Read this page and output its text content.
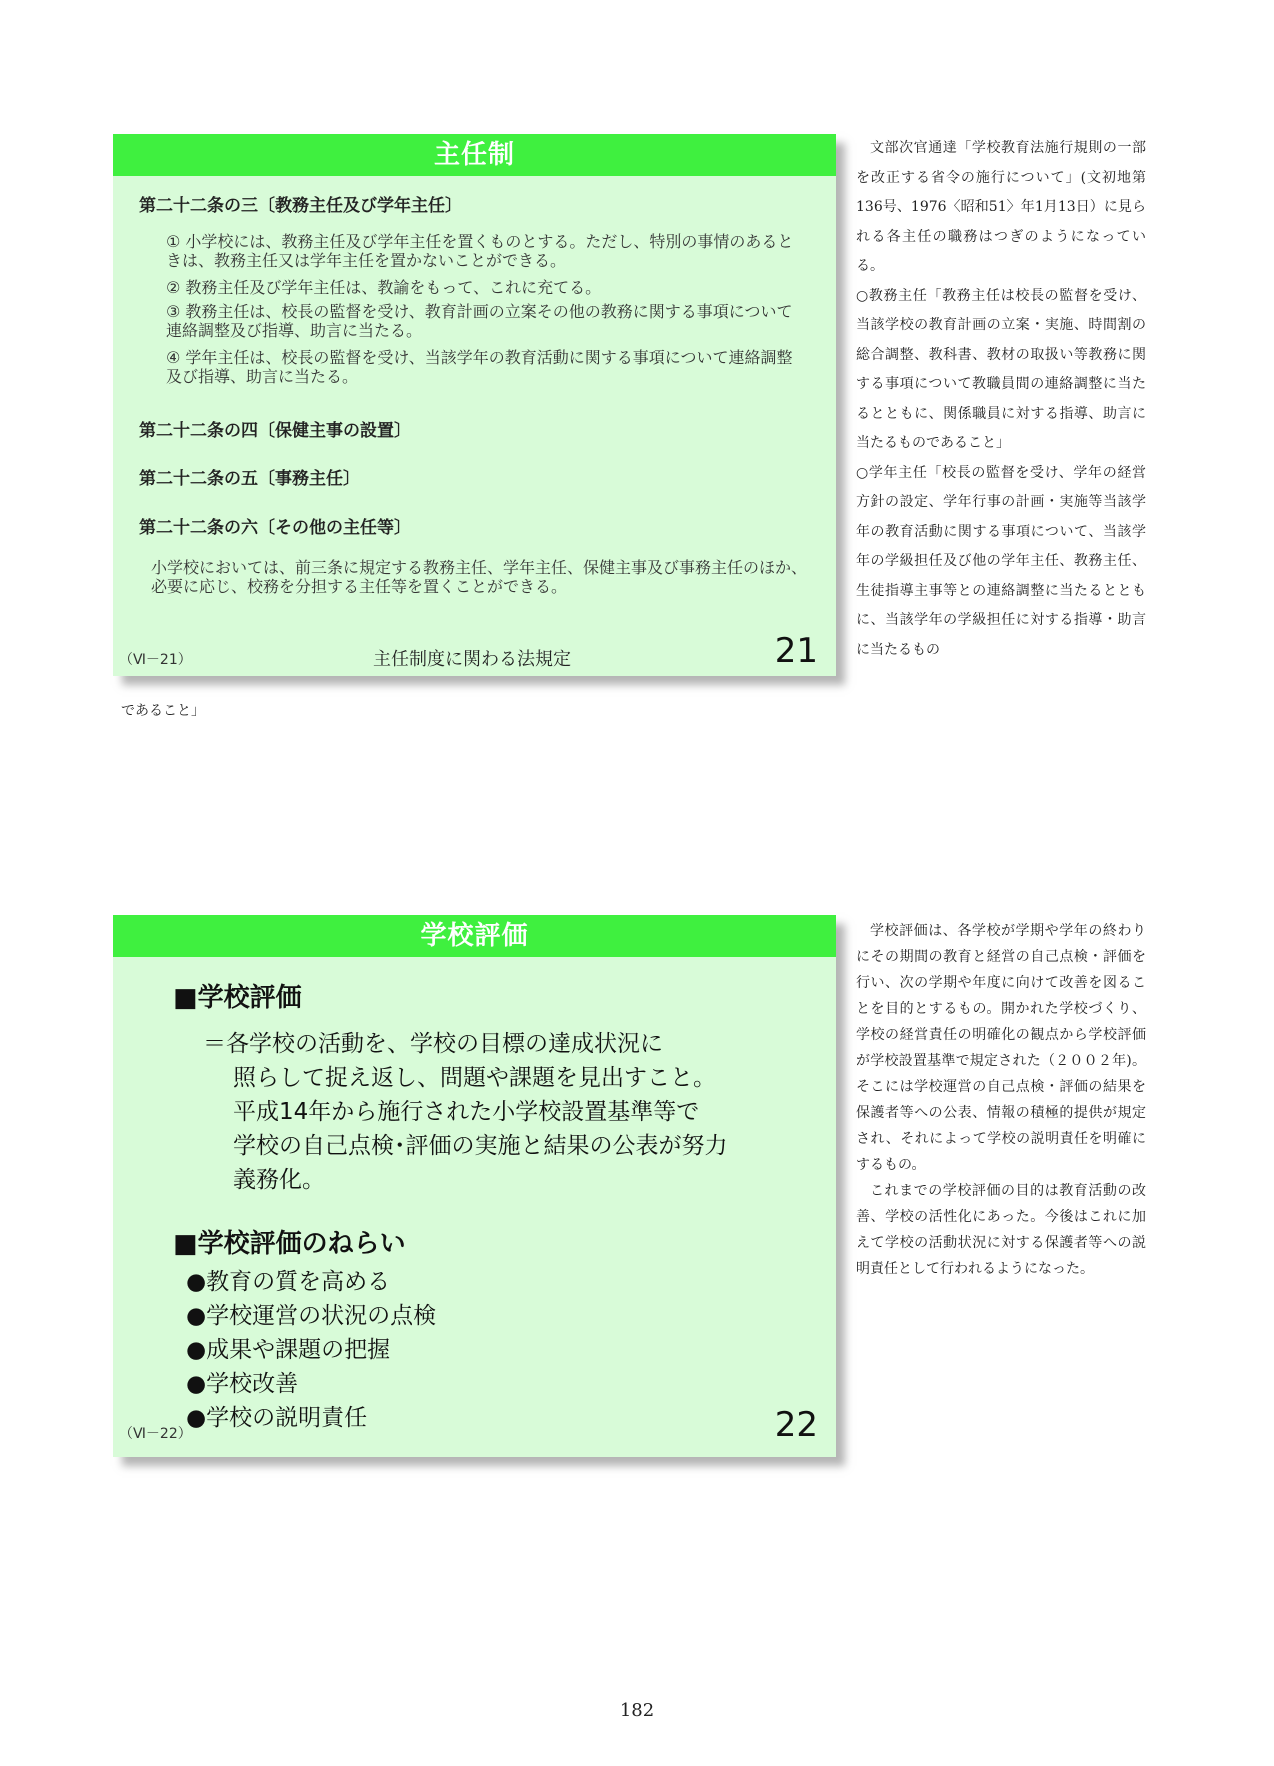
主任制
第二十二条の三〔教務主任及び学年主任〕
① 小学校には、教務主任及び学年主任を置くものとする。ただし、特別の事情のあるときは、教務主任又は学年主任を置かないことができる。
② 教務主任及び学年主任は、教諭をもって、これに充てる。
③ 教務主任は、校長の監督を受け、教育計画の立案その他の教務に関する事項について連絡調整及び指導、助言に当たる。
④ 学年主任は、校長の監督を受け、当該学年の教育活動に関する事項について連絡調整及び指導、助言に当たる。
第二十二条の四〔保健主事の設置〕
第二十二条の五〔事務主任〕
第二十二条の六〔その他の主任等〕
小学校においては、前三条に規定する教務主任、学年主任、保健主事及び事務主任のほか、必要に応じ、校務を分担する主任等を置くことができる。
（Ⅵ－21）	主任制度に関わる法規定	21

文部次官通達「学校教育法施行規則の一部を改正する省令の施行について」(文初地第136号、1976〈昭和51〉年1月13日）に見られる各主任の職務はつぎのようになっている。

○教務主任「教務主任は校長の監督を受け、当該学校の教育計画の立案・実施、時間割の総合調整、教科書、教材の取扱い等教務に関する事項について教職員間の連絡調整に当たるとともに、関係職員に対する指導、助言に当たるものであること」

○学年主任「校長の監督を受け、学年の経営方針の設定、学年行事の計画・実施等当該学年の教育活動に関する事項について、当該学年の学級担任及び他の学年主任、教務主任、生徒指導主事等との連絡調整に当たるとともに、当該学年の学級担任に対する指導・助言に当たるもの

であること」
学校評価
■学校評価
＝各学校の活動を、学校の目標の達成状況に
照らして捉え返し、問題や課題を見出すこと。
平成14年から施行された小学校設置基準等で
学校の自己点検･評価の実施と結果の公表が努力
義務化。
■学校評価のねらい
●教育の質を高める
●学校運営の状況の点検
●成果や課題の把握
●学校改善
●学校の説明責任
（Ⅵ－22）	22

学校評価は、各学校が学期や学年の終わりにその期間の教育と経営の自己点検・評価を行い、次の学期や年度に向けて改善を図ることを目的とするもの。開かれた学校づくり、学校の経営責任の明確化の観点から学校評価が学校設置基準で規定された（２００２年)。そこには学校運営の自己点検・評価の結果を保護者等への公表、情報の積極的提供が規定され、それによって学校の説明責任を明確にするもの。

これまでの学校評価の目的は教育活動の改善、学校の活性化にあった。今後はこれに加えて学校の活動状況に対する保護者等への説明責任として行われるようになった。

182
